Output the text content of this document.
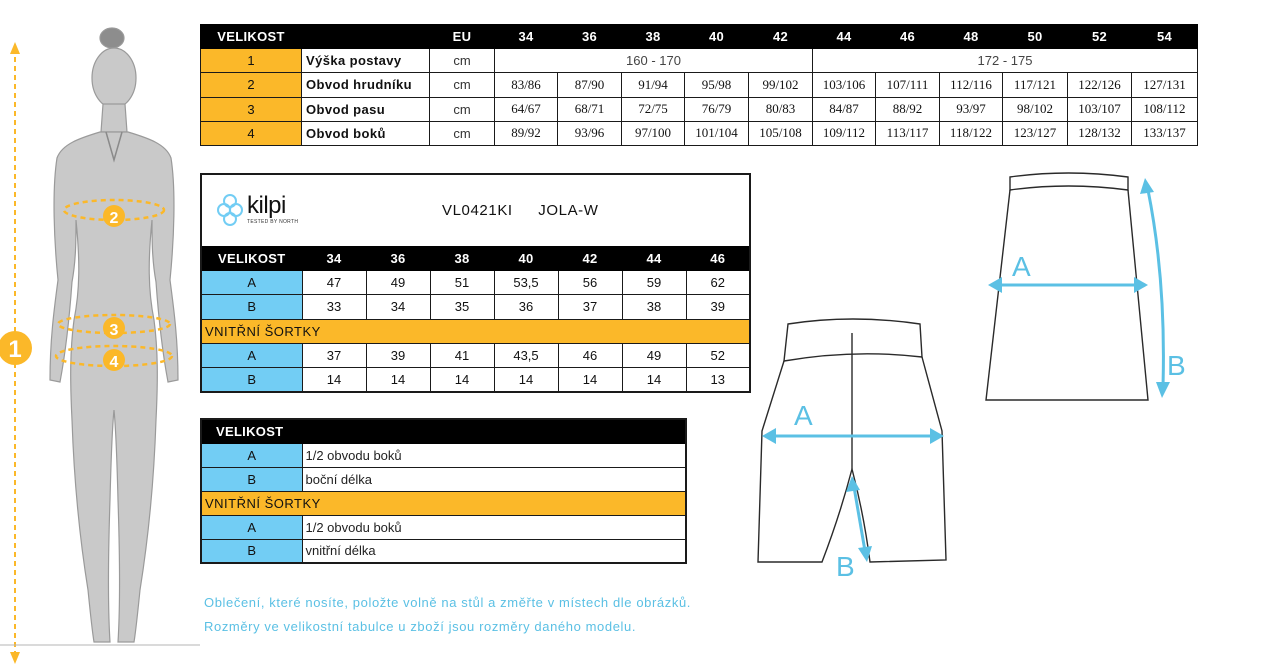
1
2
3
4
VELIKOST		EU	34	36	38	40	42	44	46	48	50	52	54
1	Výška postavy	cm	160 - 170					172 - 175					
2	Obvod hrudníku	cm	83/86	87/90	91/94	95/98	99/102	103/106	107/111	112/116	117/121	122/126	127/131
3	Obvod pasu	cm	64/67	68/71	72/75	76/79	80/83	84/87	88/92	93/97	98/102	103/107	108/112
4	Obvod boků	cm	89/92	93/96	97/100	101/104	105/108	109/112	113/117	118/122	123/127	128/132	133/137
kilpi
TESTED BY NORTH	VL0421KI JOLA-W						
VELIKOST	34	36	38	40	42	44	46
A	47	49	51	53,5	56	59	62
B	33	34	35	36	37	38	39
VNITŘNÍ ŠORTKY							
A	37	39	41	43,5	46	49	52
B	14	14	14	14	14	14	13
VELIKOST	
A	1/2 obvodu boků
B	boční délka
VNITŘNÍ ŠORTKY	
A	1/2 obvodu boků
B	vnitřní délka
Oblečení, které nosíte, položte volně na stůl a změřte v místech dle obrázků.
Rozměry ve velikostní tabulce u zboží jsou rozměry daného modelu.
A
B
A
B
